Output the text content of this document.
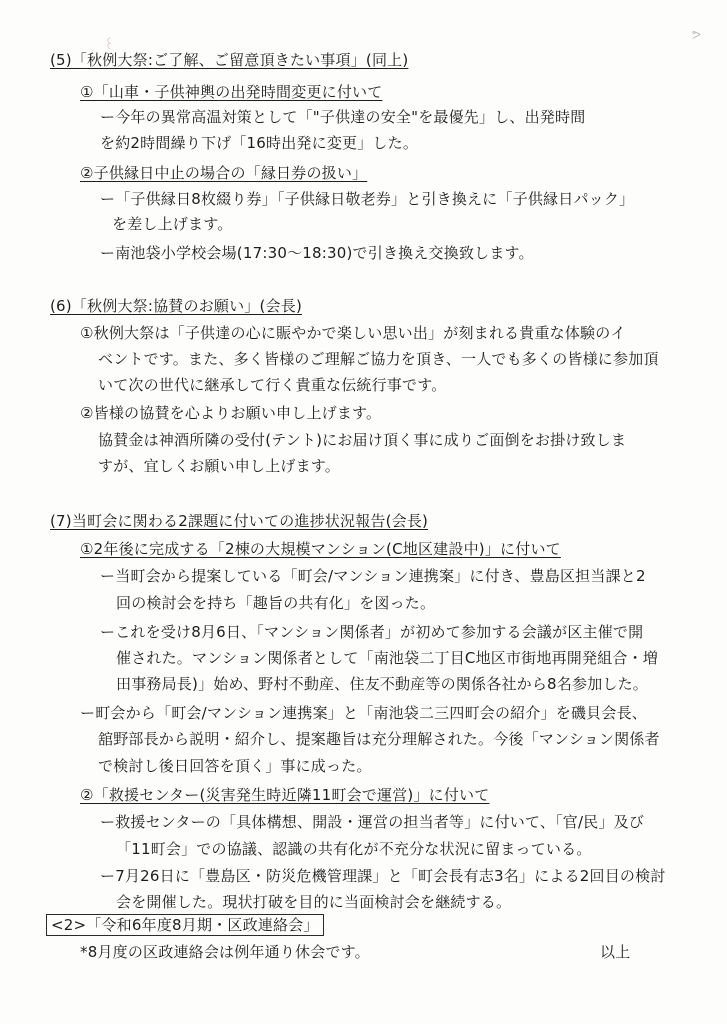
꒰
ᕗ
(5)「秋例大祭:ご了解、ご留意頂きたい事項」(同上)
①「山車・子供神輿の出発時間変更に付いて
ー今年の異常高温対策として「"子供達の安全"を最優先」し、出発時間
を約2時間繰り下げ「16時出発に変更」した。
②子供縁日中止の場合の「縁日券の扱い」
ー「子供縁日8枚綴り券」「子供縁日敬老券」と引き換えに「子供縁日パック」
を差し上げます。
ー南池袋小学校会場(17:30〜18:30)で引き換え交換致します。
(6)「秋例大祭:協賛のお願い」(会長)
①秋例大祭は「子供達の心に賑やかで楽しい思い出」が刻まれる貴重な体験のイ
ベントです。また、多く皆様のご理解ご協力を頂き、一人でも多くの皆様に参加頂
いて次の世代に継承して行く貴重な伝統行事です。
②皆様の協賛を心よりお願い申し上げます。
協賛金は神酒所隣の受付(テント)にお届け頂く事に成りご面倒をお掛け致しま
すが、宜しくお願い申し上げます。
(7)当町会に関わる2課題に付いての進捗状況報告(会長)
①2年後に完成する「2棟の大規模マンション(C地区建設中)」に付いて
ー当町会から提案している「町会/マンション連携案」に付き、豊島区担当課と2
回の検討会を持ち「趣旨の共有化」を図った。
ーこれを受け8月6日、「マンション関係者」が初めて参加する会議が区主催で開
催された。マンション関係者として「南池袋二丁目C地区市街地再開発組合・増
田事務局長)」始め、野村不動産、住友不動産等の関係各社から8名参加した。
ー町会から「町会/マンション連携案」と「南池袋二三四町会の紹介」を磯貝会長、
舘野部長から説明・紹介し、提案趣旨は充分理解された。今後「マンション関係者
で検討し後日回答を頂く」事に成った。
②「救援センター(災害発生時近隣11町会で運営)」に付いて
ー救援センターの「具体構想、開設・運営の担当者等」に付いて、「官/民」及び
「11町会」での協議、認識の共有化が不充分な状況に留まっている。
ー7月26日に「豊島区・防災危機管理課」と「町会長有志3名」による2回目の検討
会を開催した。現状打破を目的に当面検討会を継続する。
<2>「令和6年度8月期・区政連絡会」
*8月度の区政連絡会は例年通り休会です。	以上
